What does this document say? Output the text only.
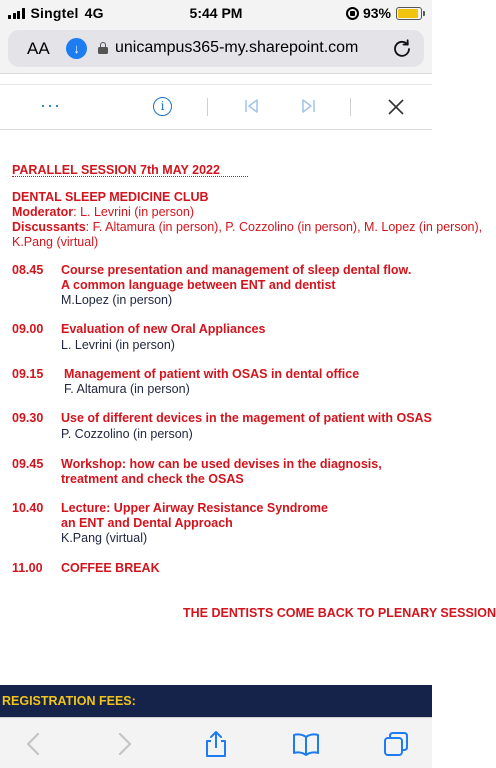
Singtel 4G	5:44 PM	93%
AA	↓	unicampus365-my.sharepoint.com
···	i
PARALLEL SESSION 7th MAY 2022
DENTAL SLEEP MEDICINE CLUB
Moderator: L. Levrini (in person)
Discussants: F. Altamura (in person), P. Cozzolino (in person), M. Lopez (in person),
K.Pang (virtual)
08.45 Course presentation and management of sleep dental flow.
A common language between ENT and dentist
M.Lopez (in person)
09.00 Evaluation of new Oral Appliances
L. Levrini (in person)
09.15 Management of patient with OSAS in dental office
F. Altamura (in person)
09.30 Use of different devices in the magement of patient with OSAS
P. Cozzolino (in person)
09.45 Workshop: how can be used devises in the diagnosis,
treatment and check the OSAS
10.40 Lecture: Upper Airway Resistance Syndrome
an ENT and Dental Approach
K.Pang (virtual)
11.00 COFFEE BREAK
THE DENTISTS COME BACK TO PLENARY SESSION
REGISTRATION FEES:
